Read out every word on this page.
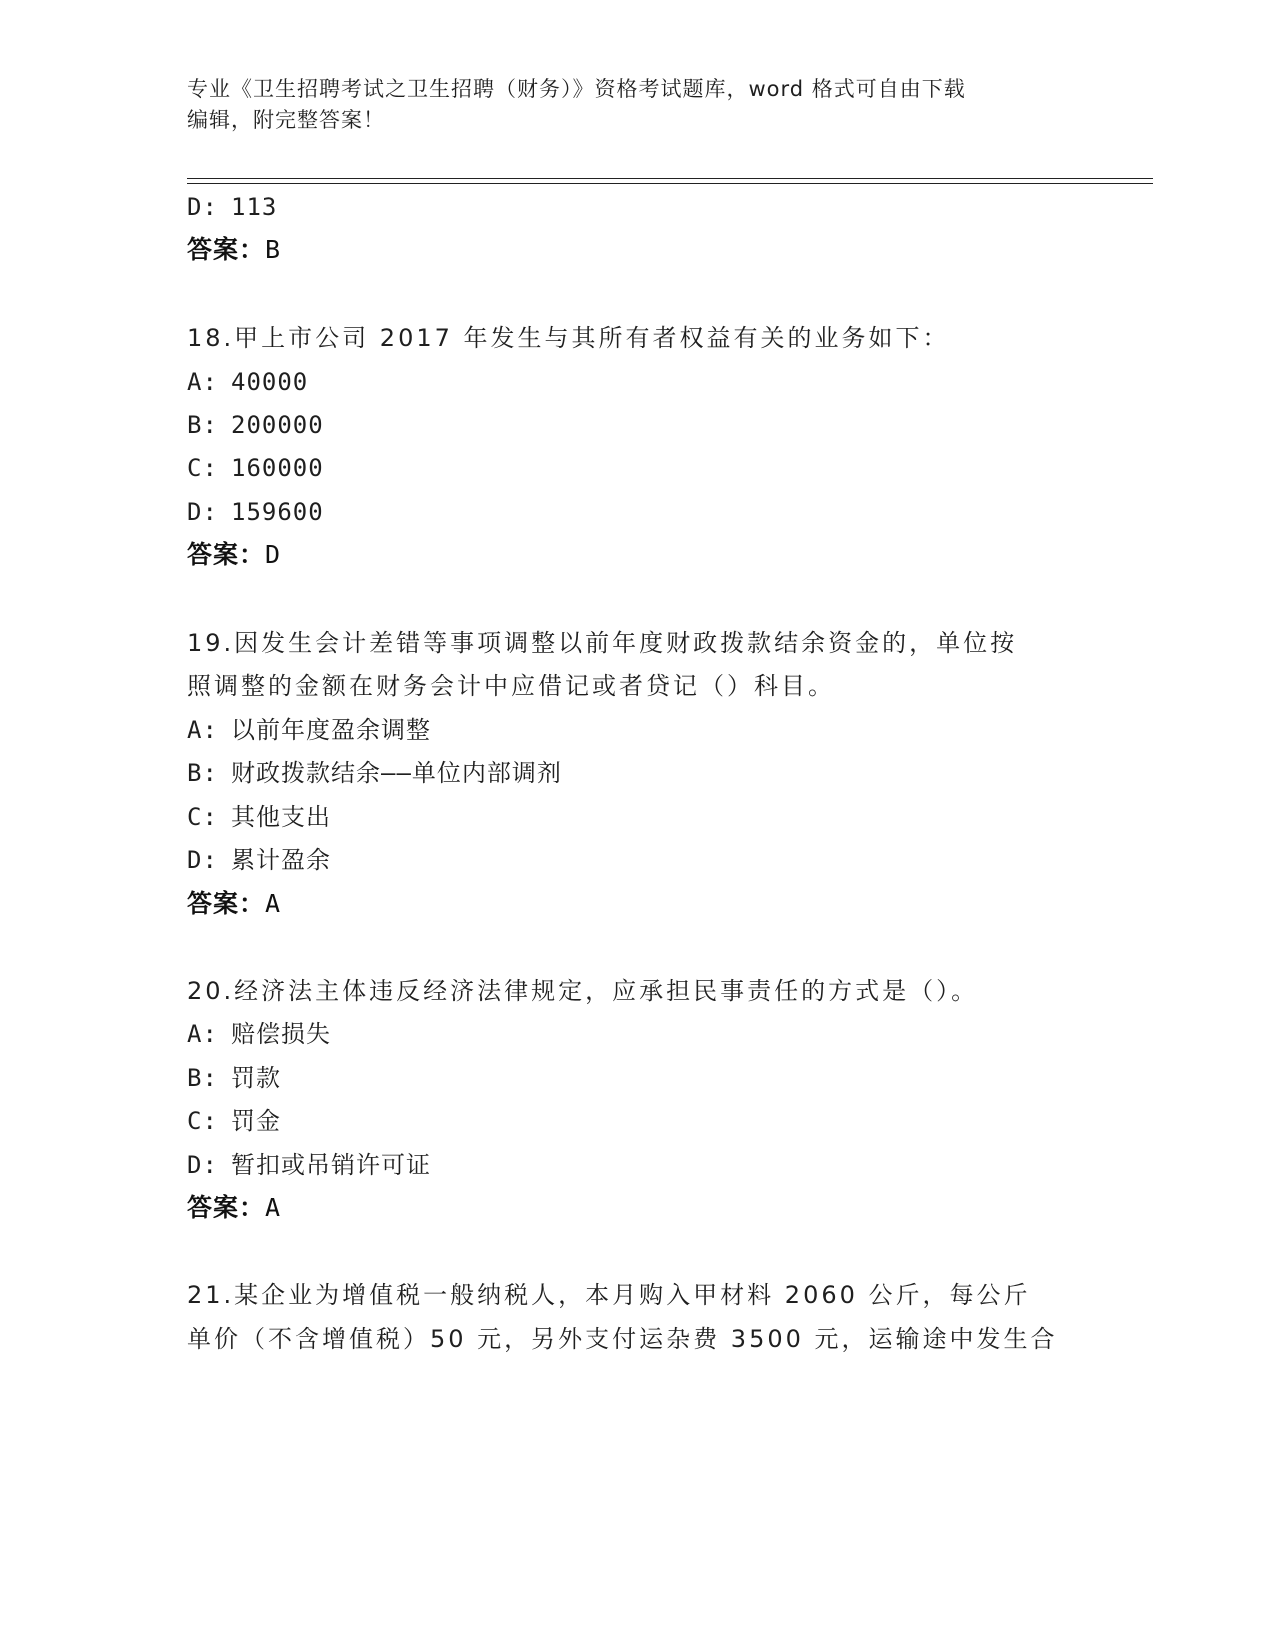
专业《卫生招聘考试之卫生招聘（财务）》资格考试题库，word 格式可自由下载
编辑，附完整答案！
D: 113
答案：B
18.甲上市公司 2017 年发生与其所有者权益有关的业务如下：
A: 40000
B: 200000
C: 160000
D: 159600
答案：D
19.因发生会计差错等事项调整以前年度财政拨款结余资金的，单位按
照调整的金额在财务会计中应借记或者贷记（）科目。
A: 以前年度盈余调整
B: 财政拨款结余——单位内部调剂
C: 其他支出
D: 累计盈余
答案：A
20.经济法主体违反经济法律规定，应承担民事责任的方式是（）。
A: 赔偿损失
B: 罚款
C: 罚金
D: 暂扣或吊销许可证
答案：A
21.某企业为增值税一般纳税人，本月购入甲材料 2060 公斤，每公斤
单价（不含增值税）50 元，另外支付运杂费 3500 元，运输途中发生合
